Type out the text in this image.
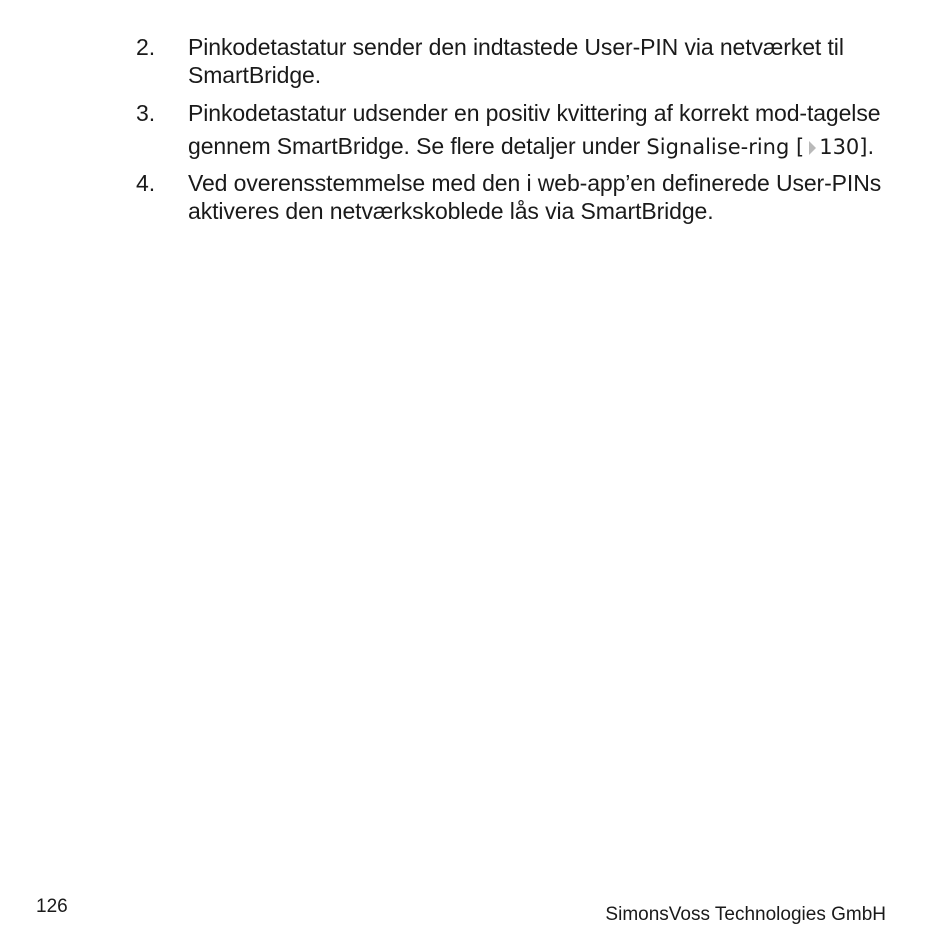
2. Pinkodetastatur sender den indtastede User-PIN via netværket til SmartBridge.
3. Pinkodetastatur udsender en positiv kvittering af korrekt mod-tagelse gennem SmartBridge. Se flere detaljer under Signalise-ring [ 130].
4. Ved overensstemmelse med den i web-app’en definerede User-PINs aktiveres den netværkskoblede lås via SmartBridge.
126	SimonsVoss Technologies GmbH
